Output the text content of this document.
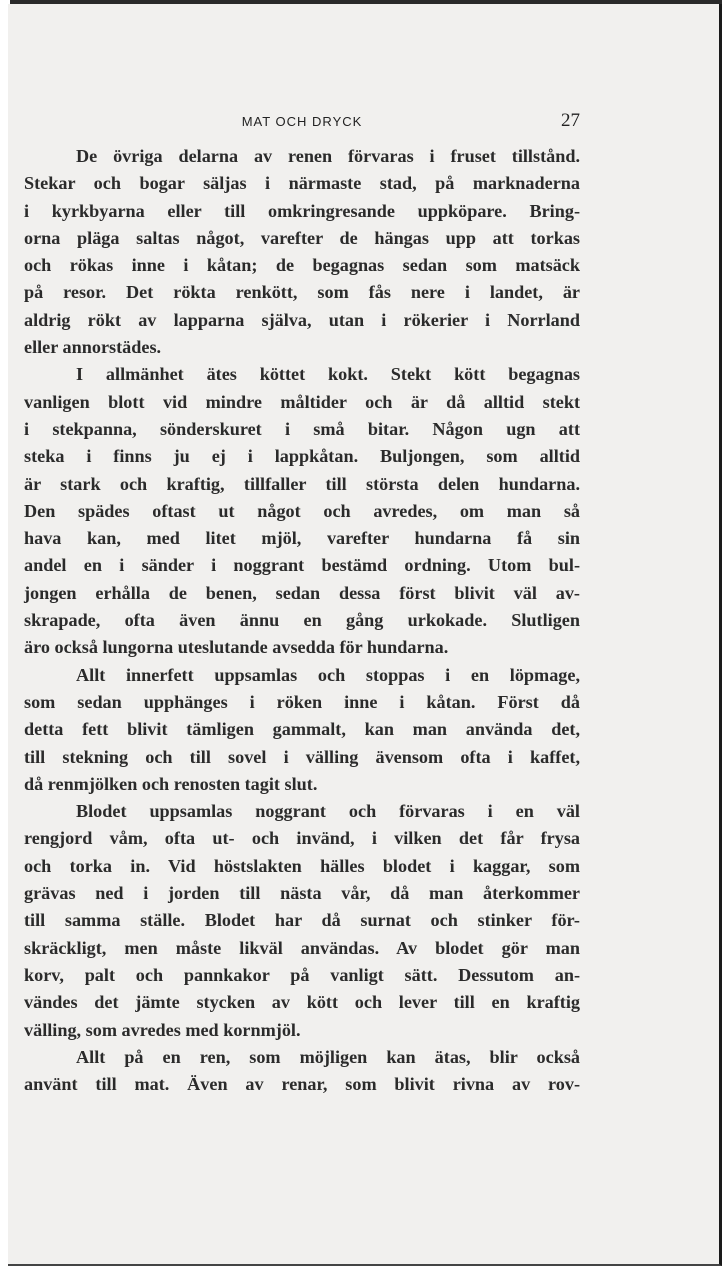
MAT OCH DRYCK	27
De övriga delarna av renen förvaras i fruset tillstånd.
Stekar och bogar säljas i närmaste stad, på marknaderna
i kyrkbyarna eller till omkringresande uppköpare. Bring-
orna pläga saltas något, varefter de hängas upp att torkas
och rökas inne i kåtan; de begagnas sedan som matsäck
på resor. Det rökta renkött, som fås nere i landet, är
aldrig rökt av lapparna själva, utan i rökerier i Norrland
eller annorstädes.
I allmänhet ätes köttet kokt. Stekt kött begagnas
vanligen blott vid mindre måltider och är då alltid stekt
i stekpanna, sönderskuret i små bitar. Någon ugn att
steka i finns ju ej i lappkåtan. Buljongen, som alltid
är stark och kraftig, tillfaller till största delen hundarna.
Den spädes oftast ut något och avredes, om man så
hava kan, med litet mjöl, varefter hundarna få sin
andel en i sänder i noggrant bestämd ordning. Utom bul-
jongen erhålla de benen, sedan dessa först blivit väl av-
skrapade, ofta även ännu en gång urkokade. Slutligen
äro också lungorna uteslutande avsedda för hundarna.
Allt innerfett uppsamlas och stoppas i en löpmage,
som sedan upphänges i röken inne i kåtan. Först då
detta fett blivit tämligen gammalt, kan man använda det,
till stekning och till sovel i välling ävensom ofta i kaffet,
då renmjölken och renosten tagit slut.
Blodet uppsamlas noggrant och förvaras i en väl
rengjord våm, ofta ut- och invänd, i vilken det får frysa
och torka in. Vid höstslakten hälles blodet i kaggar, som
grävas ned i jorden till nästa vår, då man återkommer
till samma ställe. Blodet har då surnat och stinker för-
skräckligt, men måste likväl användas. Av blodet gör man
korv, palt och pannkakor på vanligt sätt. Dessutom an-
vändes det jämte stycken av kött och lever till en kraftig
välling, som avredes med kornmjöl.
Allt på en ren, som möjligen kan ätas, blir också
använt till mat. Även av renar, som blivit rivna av rov-
